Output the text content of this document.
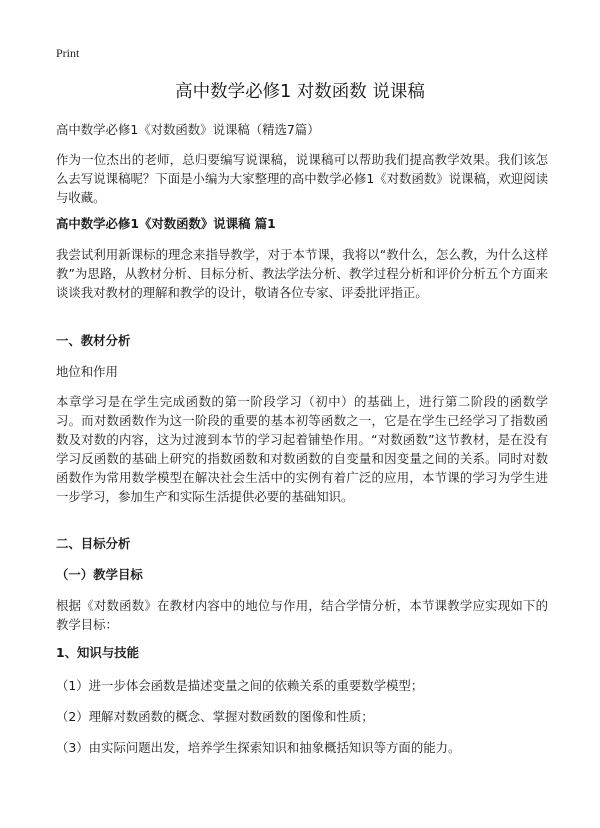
Print
高中数学必修1 对数函数 说课稿

高中数学必修1《对数函数》说课稿（精选7篇）

作为一位杰出的老师，总归要编写说课稿，说课稿可以帮助我们提高教学效果。我们该怎么去写说课稿呢？下面是小编为大家整理的高中数学必修1《对数函数》说课稿，欢迎阅读与收藏。

高中数学必修1《对数函数》说课稿 篇1

我尝试利用新课标的理念来指导教学，对于本节课，我将以“教什么，怎么教，为什么这样教”为思路，从教材分析、目标分析、教法学法分析、教学过程分析和评价分析五个方面来谈谈我对教材的理解和教学的设计，敬请各位专家、评委批评指正。

一、教材分析

地位和作用

本章学习是在学生完成函数的第一阶段学习（初中）的基础上，进行第二阶段的函数学习。而对数函数作为这一阶段的重要的基本初等函数之一，它是在学生已经学习了指数函数及对数的内容，这为过渡到本节的学习起着铺垫作用。“对数函数”这节教材，是在没有学习反函数的基础上研究的指数函数和对数函数的自变量和因变量之间的关系。同时对数函数作为常用数学模型在解决社会生活中的实例有着广泛的应用，本节课的学习为学生进一步学习，参加生产和实际生活提供必要的基础知识。

二、目标分析

（一）教学目标

根据《对数函数》在教材内容中的地位与作用，结合学情分析，本节课教学应实现如下的教学目标：

1、知识与技能

（1）进一步体会函数是描述变量之间的依赖关系的重要数学模型；

（2）理解对数函数的概念、掌握对数函数的图像和性质；

（3）由实际问题出发，培养学生探索知识和抽象概括知识等方面的能力。
